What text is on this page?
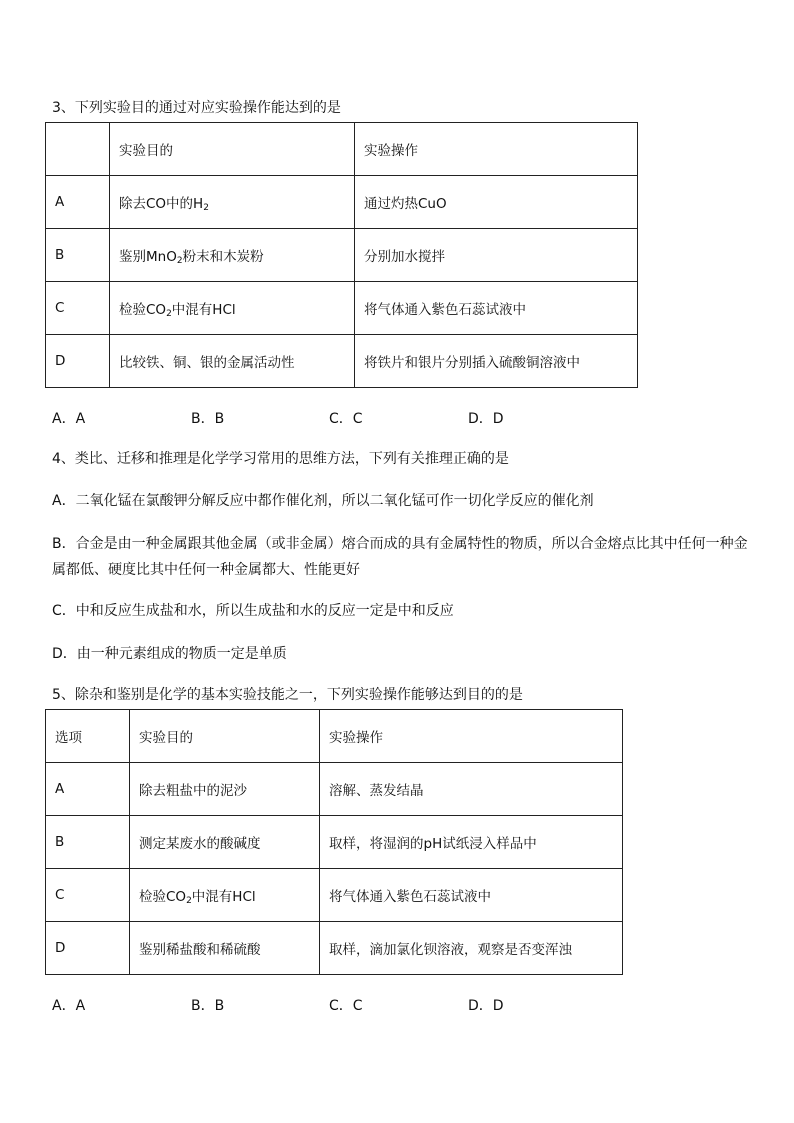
3、下列实验目的通过对应实验操作能达到的是
	实验目的	实验操作
A	除去CO中的$H_2$	通过灼热CuO
B	鉴别MnO$_2$粉末和木炭粉	分别加水搅拌
C	检验$CO_2$中混有HCl	将气体通入紫色石蕊试液中
D	比较铁、铜、银的金属活动性	将铁片和银片分别插入硫酸铜溶液中
A．A	B．B	C．C	D．D
4、类比、迁移和推理是化学学习常用的思维方法，下列有关推理正确的是
A．二氧化锰在氯酸钾分解反应中都作催化剂，所以二氧化锰可作一切化学反应的催化剂
B．合金是由一种金属跟其他金属（或非金属）熔合而成的具有金属特性的物质，所以合金熔点比其中任何一种金属都低、硬度比其中任何一种金属都大、性能更好
C．中和反应生成盐和水，所以生成盐和水的反应一定是中和反应
D．由一种元素组成的物质一定是单质
5、除杂和鉴别是化学的基本实验技能之一，下列实验操作能够达到目的的是
选项	实验目的	实验操作
A	除去粗盐中的泥沙	溶解、蒸发结晶
B	测定某废水的酸碱度	取样，将湿润的pH试纸浸入样品中
C	检验$CO_2$中混有HCl	将气体通入紫色石蕊试液中
D	鉴别稀盐酸和稀硫酸	取样，滴加氯化钡溶液，观察是否变浑浊
A．A	B．B	C．C	D．D
